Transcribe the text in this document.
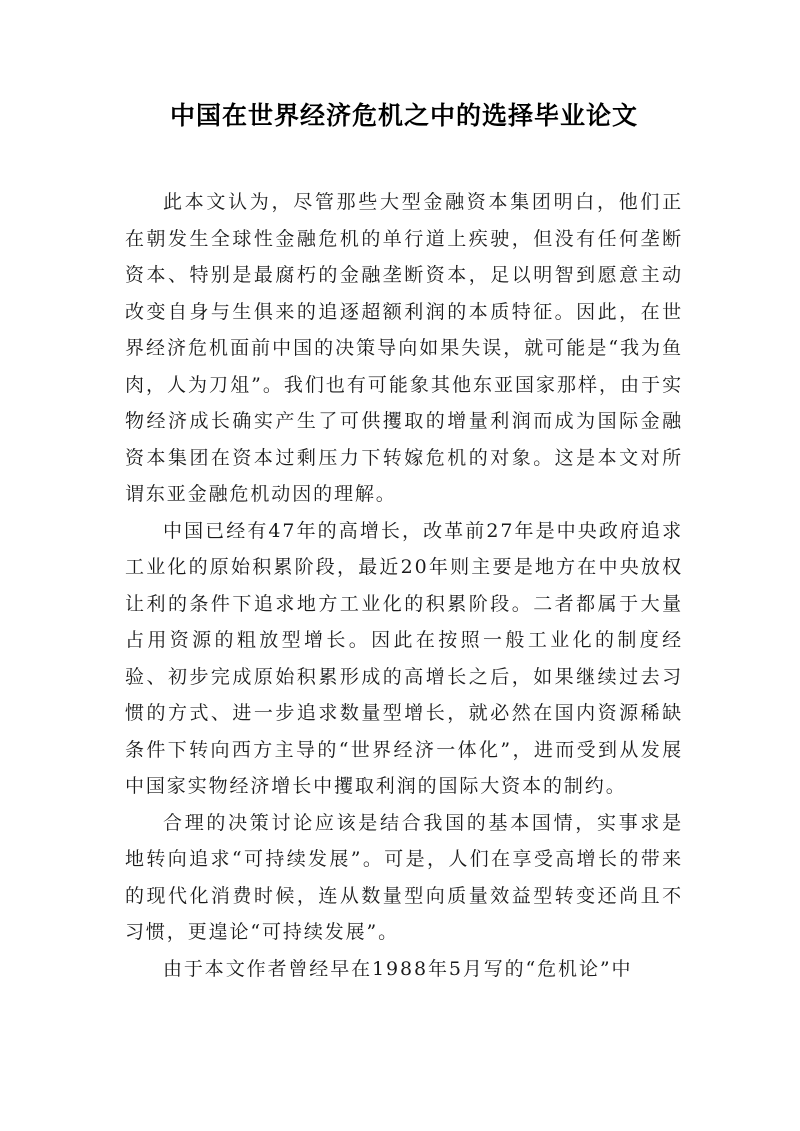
中国在世界经济危机之中的选择毕业论文

此本文认为，尽管那些大型金融资本集团明白，他们正在朝发生全球性金融危机的单行道上疾驶，但没有任何垄断资本、特别是最腐朽的金融垄断资本，足以明智到愿意主动改变自身与生俱来的追逐超额利润的本质特征。因此，在世界经济危机面前中国的决策导向如果失误，就可能是“我为鱼肉，人为刀俎”。我们也有可能象其他东亚国家那样，由于实物经济成长确实产生了可供攫取的增量利润而成为国际金融资本集团在资本过剩压力下转嫁危机的对象。这是本文对所谓东亚金融危机动因的理解。

中国已经有47年的高增长，改革前27年是中央政府追求工业化的原始积累阶段，最近20年则主要是地方在中央放权让利的条件下追求地方工业化的积累阶段。二者都属于大量占用资源的粗放型增长。因此在按照一般工业化的制度经验、初步完成原始积累形成的高增长之后，如果继续过去习惯的方式、进一步追求数量型增长，就必然在国内资源稀缺条件下转向西方主导的“世界经济一体化”，进而受到从发展中国家实物经济增长中攫取利润的国际大资本的制约。

合理的决策讨论应该是结合我国的基本国情，实事求是地转向追求“可持续发展”。可是，人们在享受高增长的带来的现代化消费时候，连从数量型向质量效益型转变还尚且不习惯，更遑论“可持续发展”。

由于本文作者曾经早在1988年5月写的“危机论”中
